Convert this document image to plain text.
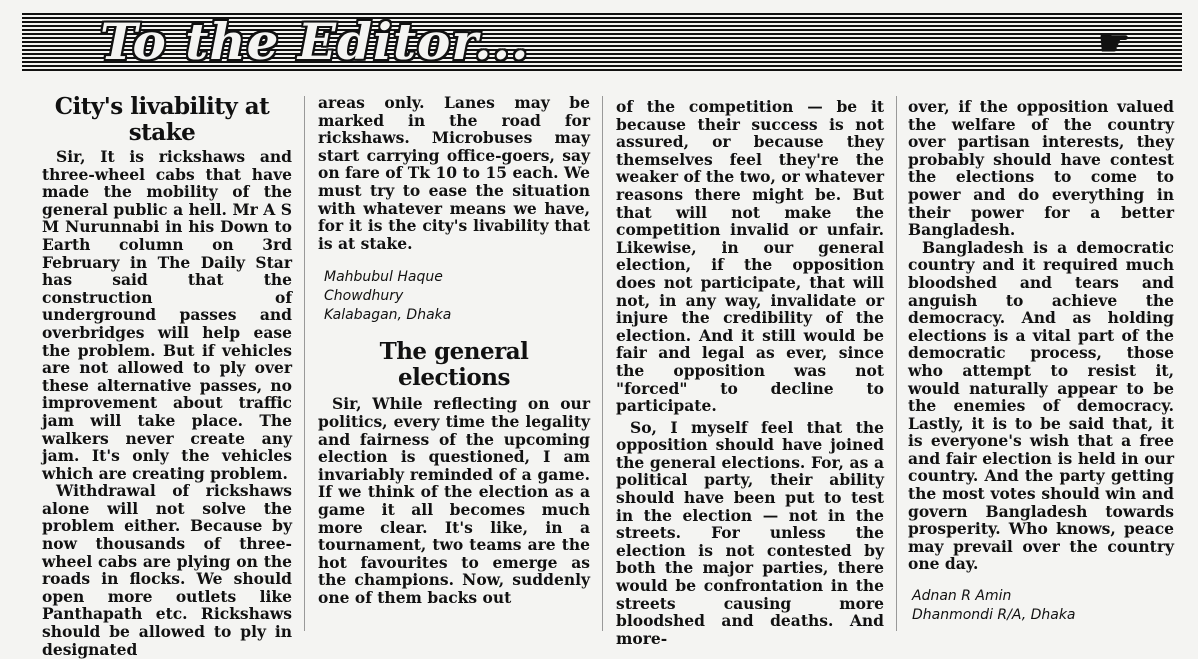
To the Editor...	☛
City's livability at stake

Sir, It is rickshaws and three-wheel cabs that have made the mobility of the general public a hell. Mr A S M Nurunnabi in his Down to Earth column on 3rd February in The Daily Star has said that the construction of underground passes and overbridges will help ease the problem. But if vehicles are not allowed to ply over these alternative passes, no improvement about traffic jam will take place. The walkers never create any jam. It's only the vehicles which are creating problem.

Withdrawal of rickshaws alone will not solve the problem either. Because by now thousands of three-wheel cabs are plying on the roads in flocks. We should open more outlets like Panthapath etc. Rickshaws should be allowed to ply in designated

areas only. Lanes may be marked in the road for rickshaws. Microbuses may start carrying office-goers, say on fare of Tk 10 to 15 each. We must try to ease the situation with whatever means we have, for it is the city's livability that is at stake.

Mahbubul Haque
Chowdhury
Kalabagan, Dhaka
The general elections

Sir, While reflecting on our politics, every time the legality and fairness of the upcoming election is questioned, I am invariably reminded of a game. If we think of the election as a game it all becomes much more clear. It's like, in a tournament, two teams are the hot favourites to emerge as the champions. Now, suddenly one of them backs out

of the competition — be it because their success is not assured, or because they themselves feel they're the weaker of the two, or whatever reasons there might be. But that will not make the competition invalid or unfair. Likewise, in our general election, if the opposition does not participate, that will not, in any way, invalidate or injure the credibility of the election. And it still would be fair and legal as ever, since the opposition was not "forced" to decline to participate.

So, I myself feel that the opposition should have joined the general elections. For, as a political party, their ability should have been put to test in the election — not in the streets. For unless the election is not contested by both the major parties, there would be confrontation in the streets causing more bloodshed and deaths. And more-

over, if the opposition valued the welfare of the country over partisan interests, they probably should have contest the elections to come to power and do everything in their power for a better Bangladesh.

Bangladesh is a democratic country and it required much bloodshed and tears and anguish to achieve the democracy. And as holding elections is a vital part of the democratic process, those who attempt to resist it, would naturally appear to be the enemies of democracy. Lastly, it is to be said that, it is everyone's wish that a free and fair election is held in our country. And the party getting the most votes should win and govern Bangladesh towards prosperity. Who knows, peace may prevail over the country one day.

Adnan R Amin
Dhanmondi R/A, Dhaka
